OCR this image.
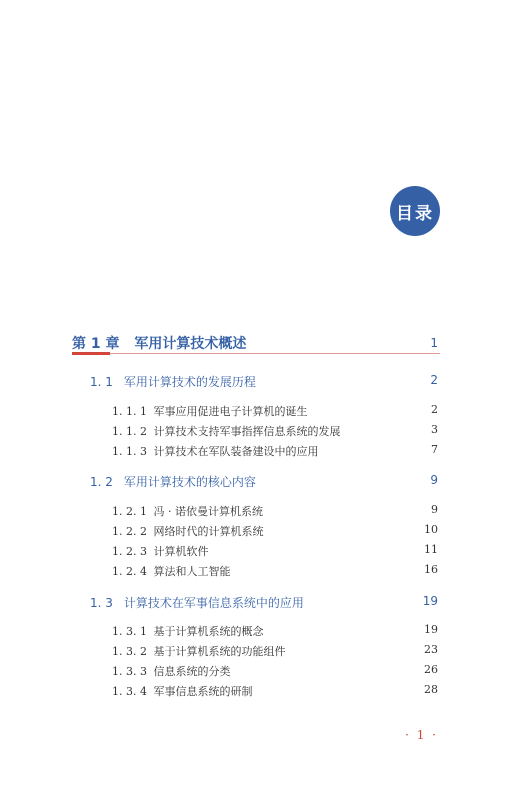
目录
第 1 章 军用计算技术概述	1
1. 1 军用计算技术的发展历程	2
1. 1. 1 军事应用促进电子计算机的诞生	2
1. 1. 2 计算技术支持军事指挥信息系统的发展	3
1. 1. 3 计算技术在军队装备建设中的应用	7
1. 2 军用计算技术的核心内容	9
1. 2. 1 冯 · 诺依曼计算机系统	9
1. 2. 2 网络时代的计算机系统	10
1. 2. 3 计算机软件	11
1. 2. 4 算法和人工智能	16
1. 3 计算技术在军事信息系统中的应用	19
1. 3. 1 基于计算机系统的概念	19
1. 3. 2 基于计算机系统的功能组件	23
1. 3. 3 信息系统的分类	26
1. 3. 4 军事信息系统的研制	28
· 1 ·
